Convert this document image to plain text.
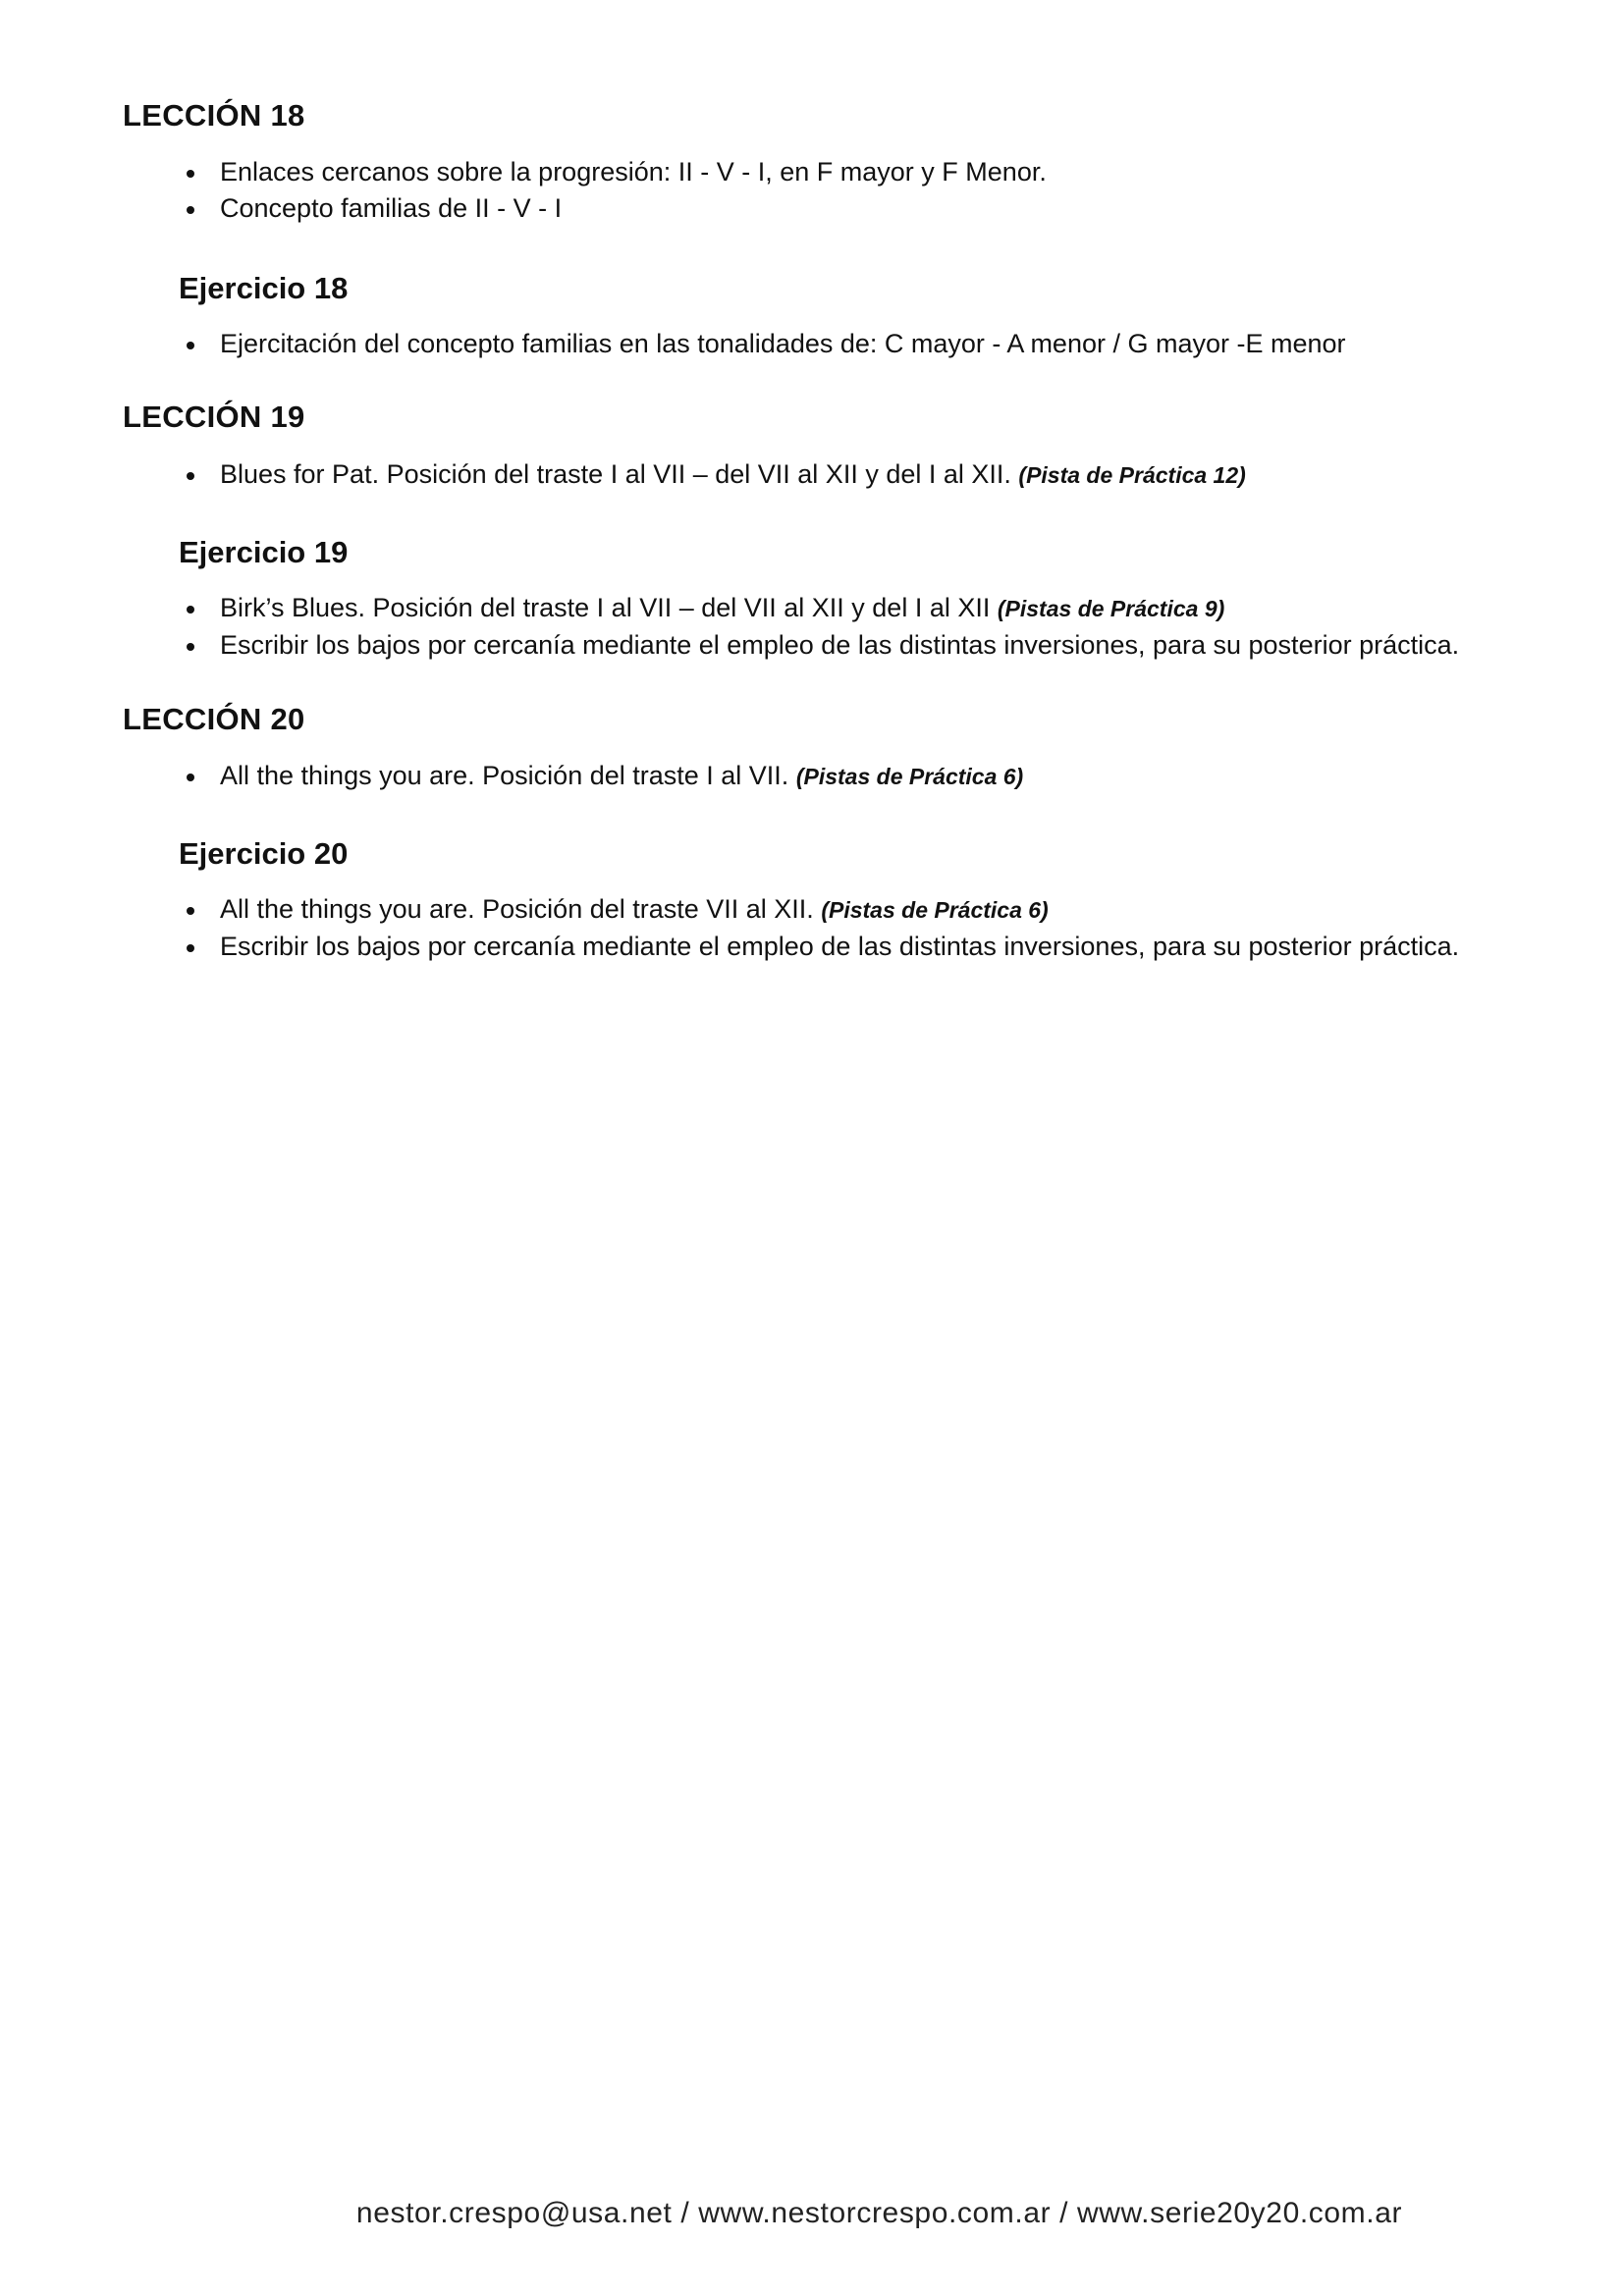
LECCIÓN 18
Enlaces cercanos sobre la progresión: II - V - I, en F mayor y F Menor.
Concepto familias de II - V - I
Ejercicio 18
Ejercitación del concepto familias en las tonalidades de: C mayor - A menor / G mayor -E menor
LECCIÓN 19
Blues for Pat. Posición del traste I al VII – del VII al XII y del I al XII. (Pista de Práctica 12)
Ejercicio 19
Birk’s Blues. Posición del traste I al VII – del VII al XII y del I al XII (Pistas de Práctica 9)
Escribir los bajos por cercanía mediante el empleo de las distintas inversiones, para su posterior práctica.
LECCIÓN 20
All the things you are. Posición del traste I al VII. (Pistas de Práctica 6)
Ejercicio 20
All the things you are. Posición del traste VII al XII. (Pistas de Práctica 6)
Escribir los bajos por cercanía mediante el empleo de las distintas inversiones, para su posterior práctica.
nestor.crespo@usa.net / www.nestorcrespo.com.ar / www.serie20y20.com.ar
